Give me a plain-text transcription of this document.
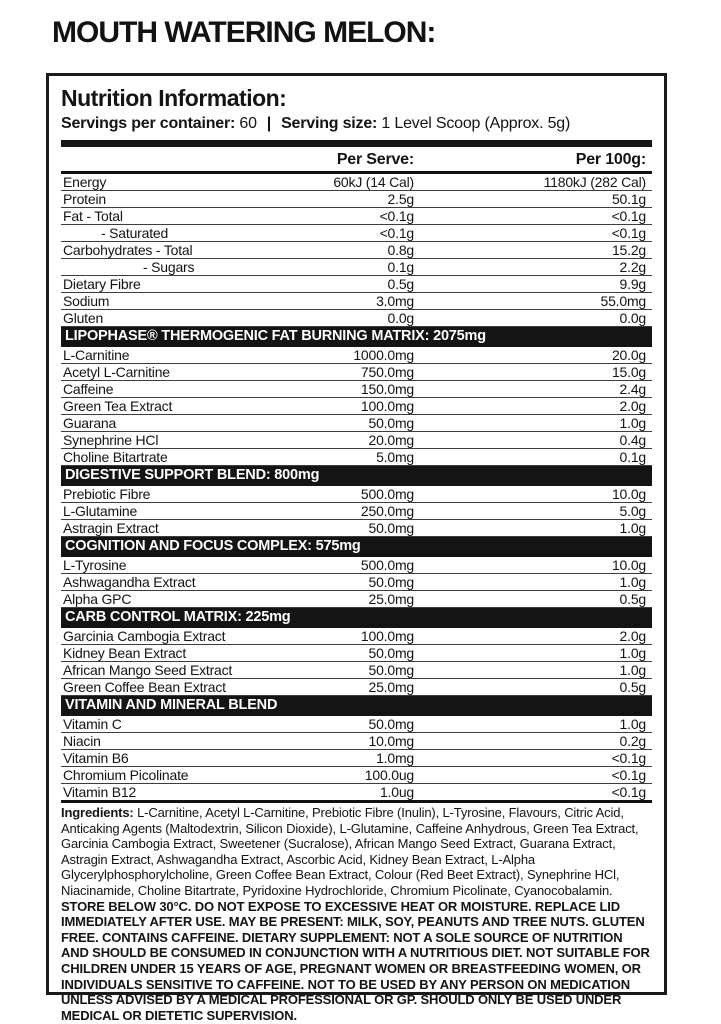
MOUTH WATERING MELON:
Nutrition Information:
Servings per container: 60 | Serving size: 1 Level Scoop (Approx. 5g)
Per Serve:	Per 100g:
Energy	60kJ (14 Cal)	1180kJ (282 Cal)
Protein	2.5g	50.1g
Fat - Total	<0.1g	<0.1g
- Saturated	<0.1g	<0.1g
Carbohydrates - Total	0.8g	15.2g
- Sugars	0.1g	2.2g
Dietary Fibre	0.5g	9.9g
Sodium	3.0mg	55.0mg
Gluten	0.0g	0.0g
LIPOPHASE® THERMOGENIC FAT BURNING MATRIX: 2075mg
L-Carnitine	1000.0mg	20.0g
Acetyl L-Carnitine	750.0mg	15.0g
Caffeine	150.0mg	2.4g
Green Tea Extract	100.0mg	2.0g
Guarana	50.0mg	1.0g
Synephrine HCl	20.0mg	0.4g
Choline Bitartrate	5.0mg	0.1g
DIGESTIVE SUPPORT BLEND: 800mg
Prebiotic Fibre	500.0mg	10.0g
L-Glutamine	250.0mg	5.0g
Astragin Extract	50.0mg	1.0g
COGNITION AND FOCUS COMPLEX: 575mg
L-Tyrosine	500.0mg	10.0g
Ashwagandha Extract	50.0mg	1.0g
Alpha GPC	25.0mg	0.5g
CARB CONTROL MATRIX: 225mg
Garcinia Cambogia Extract	100.0mg	2.0g
Kidney Bean Extract	50.0mg	1.0g
African Mango Seed Extract	50.0mg	1.0g
Green Coffee Bean Extract	25.0mg	0.5g
VITAMIN AND MINERAL BLEND
Vitamin C	50.0mg	1.0g
Niacin	10.0mg	0.2g
Vitamin B6	1.0mg	<0.1g
Chromium Picolinate	100.0ug	<0.1g
Vitamin B12	1.0ug	<0.1g

Ingredients: L-Carnitine, Acetyl L-Carnitine, Prebiotic Fibre (Inulin), L-Tyrosine, Flavours, Citric Acid, Anticaking Agents (Maltodextrin, Silicon Dioxide), L-Glutamine, Caffeine Anhydrous, Green Tea Extract, Garcinia Cambogia Extract, Sweetener (Sucralose), African Mango Seed Extract, Guarana Extract, Astragin Extract, Ashwagandha Extract, Ascorbic Acid, Kidney Bean Extract, L-Alpha Glycerylphosphorylcholine, Green Coffee Bean Extract, Colour (Red Beet Extract), Synephrine HCl, Niacinamide, Choline Bitartrate, Pyridoxine Hydrochloride, Chromium Picolinate, Cyanocobalamin. STORE BELOW 30°C. DO NOT EXPOSE TO EXCESSIVE HEAT OR MOISTURE. REPLACE LID IMMEDIATELY AFTER USE. MAY BE PRESENT: MILK, SOY, PEANUTS AND TREE NUTS. GLUTEN FREE. CONTAINS CAFFEINE. DIETARY SUPPLEMENT: NOT A SOLE SOURCE OF NUTRITION AND SHOULD BE CONSUMED IN CONJUNCTION WITH A NUTRITIOUS DIET. NOT SUITABLE FOR CHILDREN UNDER 15 YEARS OF AGE, PREGNANT WOMEN OR BREASTFEEDING WOMEN, OR INDIVIDUALS SENSITIVE TO CAFFEINE. NOT TO BE USED BY ANY PERSON ON MEDICATION UNLESS ADVISED BY A MEDICAL PROFESSIONAL OR GP. SHOULD ONLY BE USED UNDER MEDICAL OR DIETETIC SUPERVISION.
